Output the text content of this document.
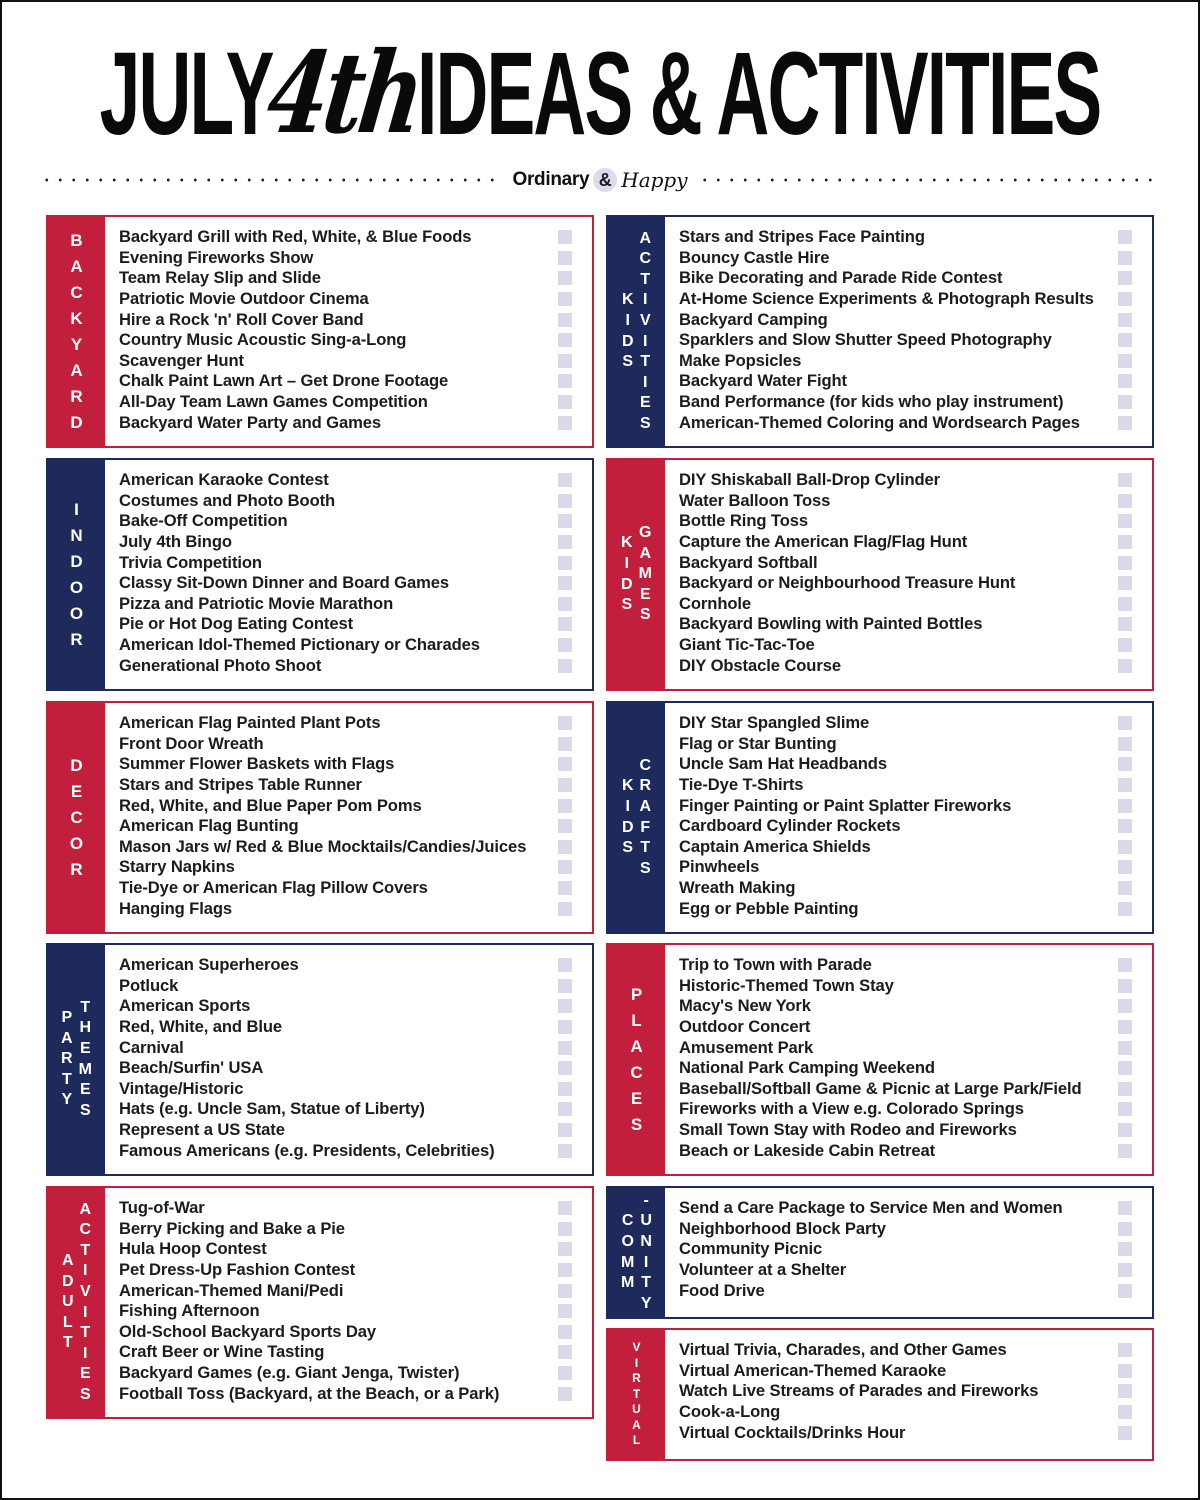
JULY
4th
IDEAS & ACTIVITIES
Ordinary & Happy
B
A
C
K
Y
A
R
D
Backyard Grill with Red, White, & Blue Foods
Evening Fireworks Show
Team Relay Slip and Slide
Patriotic Movie Outdoor Cinema
Hire a Rock 'n' Roll Cover Band
Country Music Acoustic Sing-a-Long
Scavenger Hunt
Chalk Paint Lawn Art – Get Drone Footage
All-Day Team Lawn Games Competition
Backyard Water Party and Games
K
I
D
S
A
C
T
I
V
I
T
I
E
S
Stars and Stripes Face Painting
Bouncy Castle Hire
Bike Decorating and Parade Ride Contest
At-Home Science Experiments & Photograph Results
Backyard Camping
Sparklers and Slow Shutter Speed Photography
Make Popsicles
Backyard Water Fight
Band Performance (for kids who play instrument)
American-Themed Coloring and Wordsearch Pages
I
N
D
O
O
R
American Karaoke Contest
Costumes and Photo Booth
Bake-Off Competition
July 4th Bingo
Trivia Competition
Classy Sit-Down Dinner and Board Games
Pizza and Patriotic Movie Marathon
Pie or Hot Dog Eating Contest
American Idol-Themed Pictionary or Charades
Generational Photo Shoot
K
I
D
S
G
A
M
E
S
DIY Shiskaball Ball-Drop Cylinder
Water Balloon Toss
Bottle Ring Toss
Capture the American Flag/Flag Hunt
Backyard Softball
Backyard or Neighbourhood Treasure Hunt
Cornhole
Backyard Bowling with Painted Bottles
Giant Tic-Tac-Toe
DIY Obstacle Course
D
E
C
O
R
American Flag Painted Plant Pots
Front Door Wreath
Summer Flower Baskets with Flags
Stars and Stripes Table Runner
Red, White, and Blue Paper Pom Poms
American Flag Bunting
Mason Jars w/ Red & Blue Mocktails/Candies/Juices
Starry Napkins
Tie-Dye or American Flag Pillow Covers
Hanging Flags
K
I
D
S
C
R
A
F
T
S
DIY Star Spangled Slime
Flag or Star Bunting
Uncle Sam Hat Headbands
Tie-Dye T-Shirts
Finger Painting or Paint Splatter Fireworks
Cardboard Cylinder Rockets
Captain America Shields
Pinwheels
Wreath Making
Egg or Pebble Painting
P
A
R
T
Y
T
H
E
M
E
S
American Superheroes
Potluck
American Sports
Red, White, and Blue
Carnival
Beach/Surfin' USA
Vintage/Historic
Hats (e.g. Uncle Sam, Statue of Liberty)
Represent a US State
Famous Americans (e.g. Presidents, Celebrities)
P
L
A
C
E
S
Trip to Town with Parade
Historic-Themed Town Stay
Macy's New York
Outdoor Concert
Amusement Park
National Park Camping Weekend
Baseball/Softball Game & Picnic at Large Park/Field
Fireworks with a View e.g. Colorado Springs
Small Town Stay with Rodeo and Fireworks
Beach or Lakeside Cabin Retreat
A
D
U
L
T
A
C
T
I
V
I
T
I
E
S
Tug-of-War
Berry Picking and Bake a Pie
Hula Hoop Contest
Pet Dress-Up Fashion Contest
American-Themed Mani/Pedi
Fishing Afternoon
Old-School Backyard Sports Day
Craft Beer or Wine Tasting
Backyard Games (e.g. Giant Jenga, Twister)
Football Toss (Backyard, at the Beach, or a Park)
C
O
M
M
-
U
N
I
T
Y
Send a Care Package to Service Men and Women
Neighborhood Block Party
Community Picnic
Volunteer at a Shelter
Food Drive
V
I
R
T
U
A
L
Virtual Trivia, Charades, and Other Games
Virtual American-Themed Karaoke
Watch Live Streams of Parades and Fireworks
Cook-a-Long
Virtual Cocktails/Drinks Hour
